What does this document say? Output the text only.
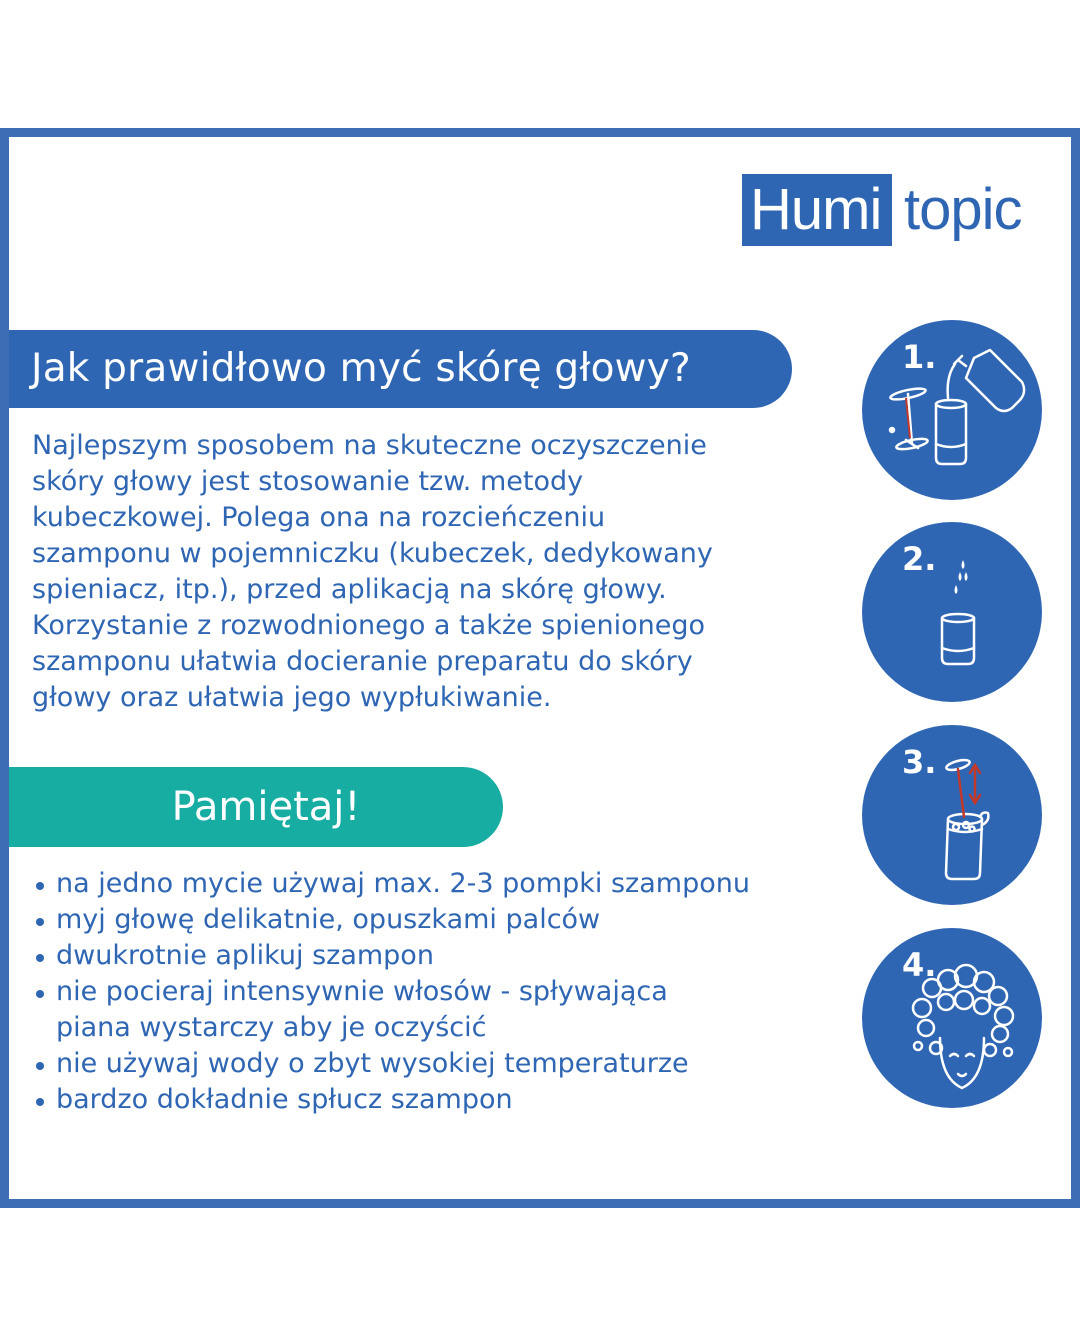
Humi topic
Jak prawidłowo myć skórę głowy?

Najlepszym sposobem na skuteczne oczyszczenie
skóry głowy jest stosowanie tzw. metody
kubeczkowej. Polega ona na rozcieńczeniu
szamponu w pojemniczku (kubeczek, dedykowany
spieniacz, itp.), przed aplikacją na skórę głowy.
Korzystanie z rozwodnionego a także spienionego
szamponu ułatwia docieranie preparatu do skóry
głowy oraz ułatwia jego wypłukiwanie.

Pamiętaj!
na jedno mycie używaj max. 2-3 pompki szamponu
myj głowę delikatnie, opuszkami palców
dwukrotnie aplikuj szampon
nie pocieraj intensywnie włosów - spływająca
piana wystarczy aby je oczyścić
nie używaj wody o zbyt wysokiej temperaturze
bardzo dokładnie spłucz szampon
1.
2.
3.
4.
